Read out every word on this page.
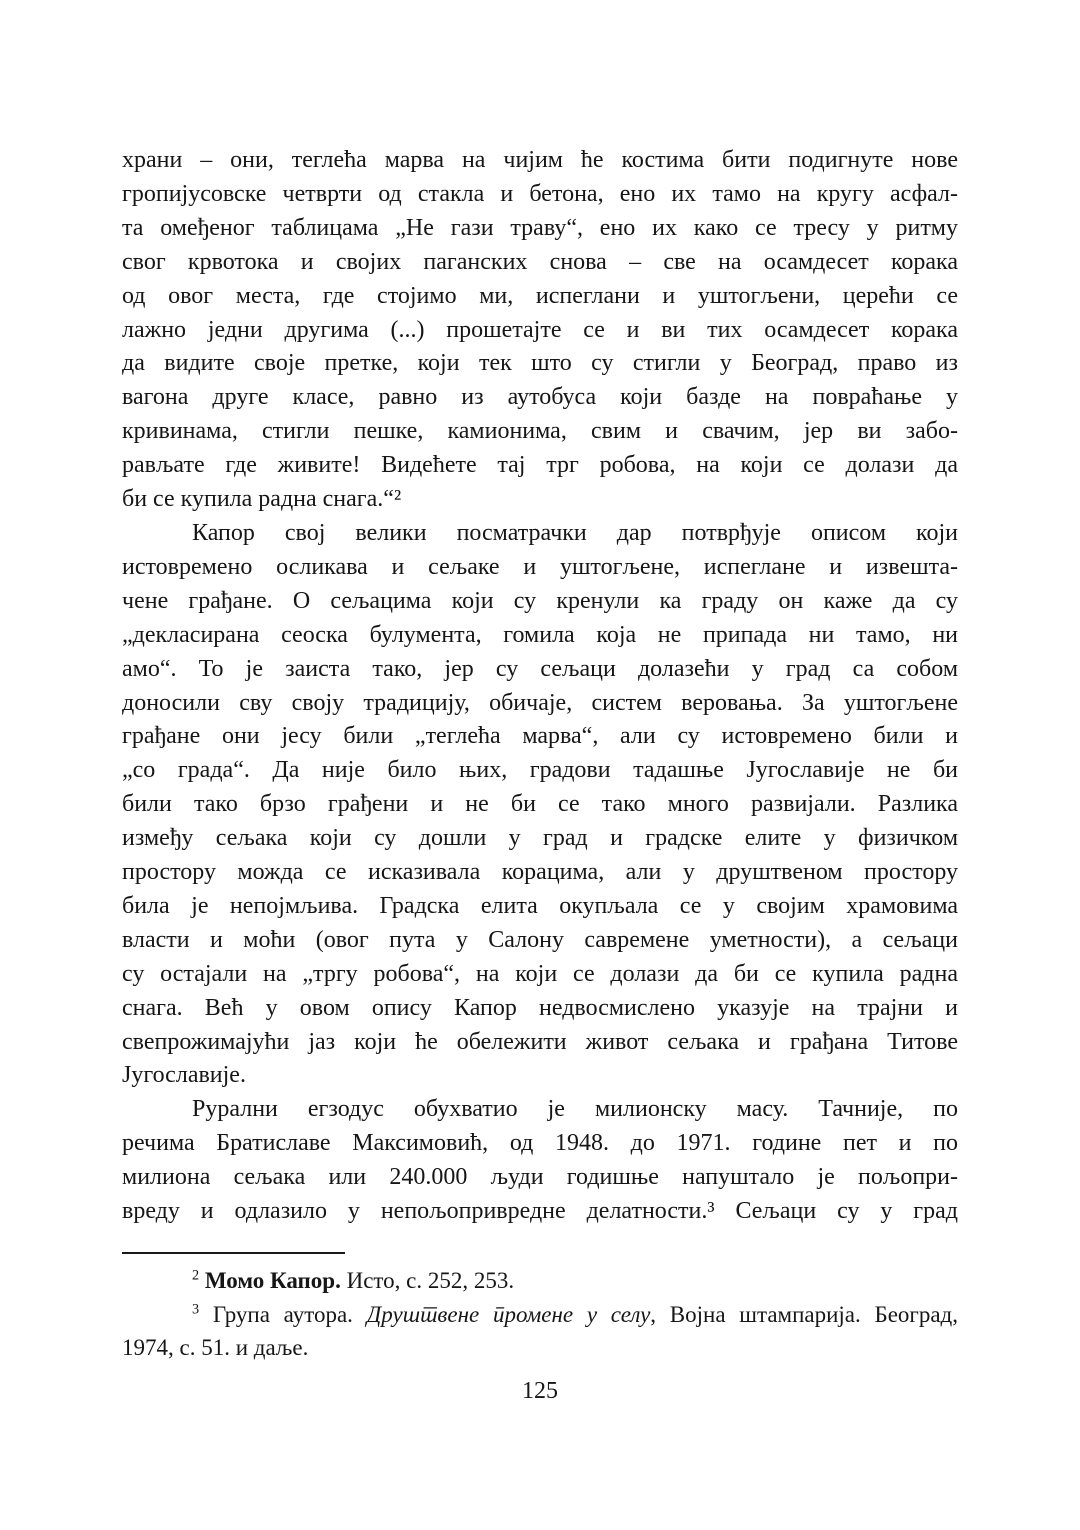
храни – они, теглећа марва на чијим ће костима бити подигнуте нове
гропијусовске четврти од стакла и бетона, ено их тамо на кругу асфал-
та омеђеног таблицама „Не гази траву“, ено их како се тресу у ритму
свог крвотока и својих паганских снова – све на осамдесет корака
од овог места, где стојимо ми, испеглани и уштогљени, церећи се
лажно једни другима (...) прошетајте се и ви тих осамдесет корака
да видите своје претке, који тек што су стигли у Београд, право из
вагона друге класе, равно из аутобуса који базде на повраћање у
кривинама, стигли пешке, камионима, свим и свачим, јер ви забо-
рављате где живите! Видећете тај трг робова, на који се долази да
би се купила радна снага.“²
Капор свој велики посматрачки дар потврђује описом који
истовремено осликава и сељаке и уштогљене, испеглане и извешта-
чене грађане. О сељацима који су кренули ка граду он каже да су
„декласирана сеоска булумента, гомила која не припада ни тамо, ни
амо“. То је заиста тако, јер су сељаци долазећи у град са собом
доносили сву своју традицију, обичаје, систем веровања. За уштогљене
грађане они јесу били „теглећа марва“, али су истовремено били и
„со града“. Да није било њих, градови тадашње Југославије не би
били тако брзо грађени и не би се тако много развијали. Разлика
између сељака који су дошли у град и градске елите у физичком
простору можда се исказивала корацима, али у друштвеном простору
била је непојмљива. Градска елита окупљала се у својим храмовима
власти и моћи (овог пута у Салону савремене уметности), а сељаци
су остајали на „тргу робова“, на који се долази да би се купила радна
снага. Већ у овом опису Капор недвосмислено указује на трајни и
свепрожимајући јаз који ће обележити живот сељака и грађана Титове
Југославије.
Рурални егзодус обухватио је милионску масу. Тачније, по
речима Братиславе Максимовић, од 1948. до 1971. године пет и по
милиона сељака или 240.000 људи годишње напуштало је пољопри-
вреду и одлазило у непољопривредне делатности.³ Сељаци су у град
$^2$ Момо Капор. Исто, с. 252, 253.
$^3$ Група аутора. Друштвене промене у селу, Војна штампарија. Београд,
1974, с. 51. и даље.
125
